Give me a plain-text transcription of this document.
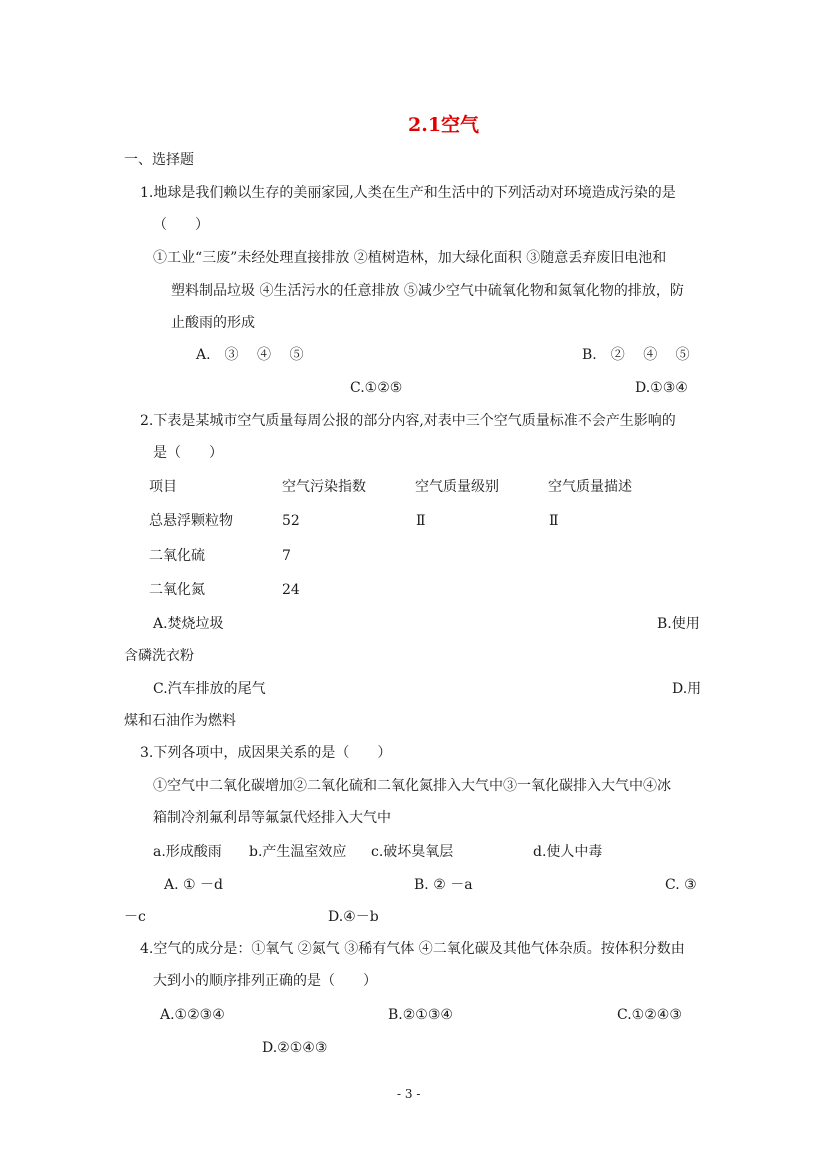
2.1空气
一、选择题
1.地球是我们赖以生存的美丽家园,人类在生产和生活中的下列活动对环境造成污染的是
（　　）
①工业“三废”未经处理直接排放 ②植树造林，加大绿化面积 ③随意丢弃废旧电池和
塑料制品垃圾 ④生活污水的任意排放 ⑤减少空气中硫氧化物和氮氧化物的排放，防
止酸雨的形成
A.　③　 ④　 ⑤	B.　②　 ④　 ⑤
C.①②⑤	D.①③④
2.下表是某城市空气质量每周公报的部分内容,对表中三个空气质量标准不会产生影响的
是（　　）
项目	空气污染指数	空气质量级别	空气质量描述
总悬浮颗粒物	52	Ⅱ	Ⅱ
二氧化硫	7
二氧化氮	24
A.焚烧垃圾	B.使用
含磷洗衣粉
C.汽车排放的尾气	D.用
煤和石油作为燃料
3.下列各项中，成因果关系的是（　　）
①空气中二氧化碳增加②二氧化硫和二氧化氮排入大气中③一氧化碳排入大气中④冰
箱制冷剂氟利昂等氟氯代烃排入大气中
a.形成酸雨 b.产生温室效应 c.破坏臭氧层	d.使人中毒
A. ① －d	B. ② －a	C. ③
－c	D.④－b
4.空气的成分是：①氧气 ②氮气 ③稀有气体 ④二氧化碳及其他气体杂质。按体积分数由
大到小的顺序排列正确的是（　　）
A.①②③④	B.②①③④	C.①②④③
D.②①④③
- 3 -
